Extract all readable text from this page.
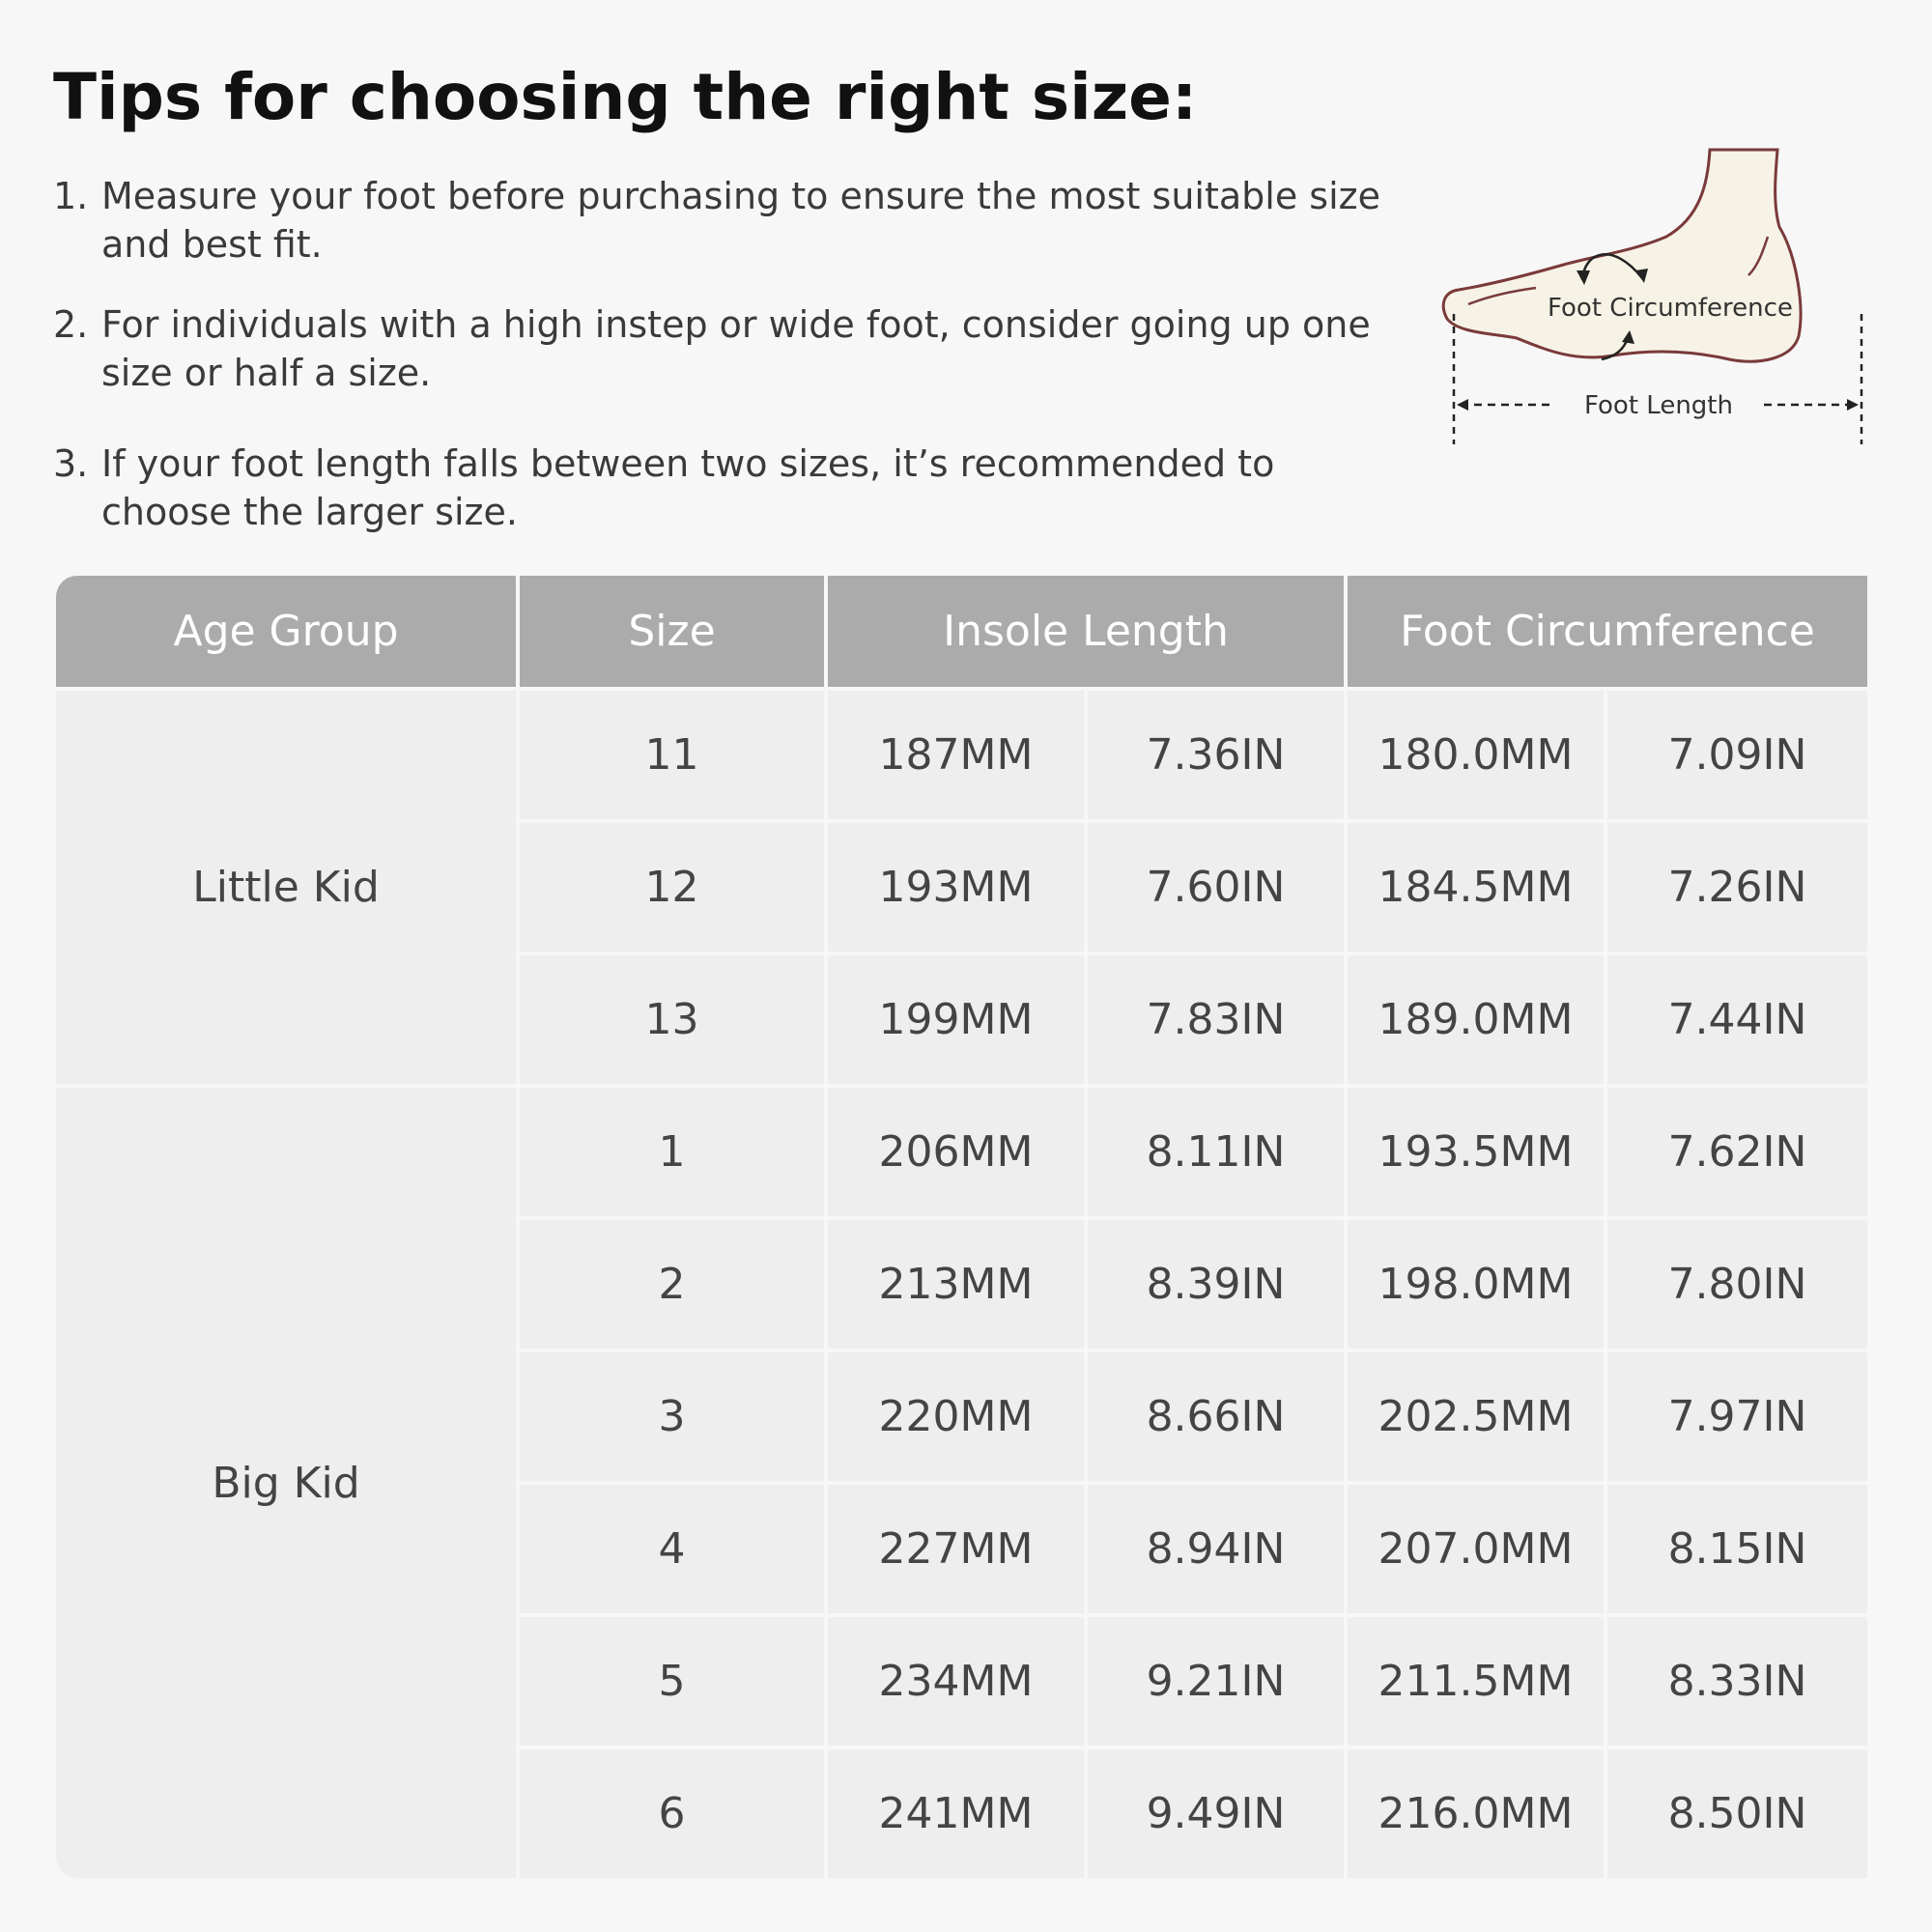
Tips for choosing the right size:
1. Measure your foot before purchasing to ensure the most suitable size and best fit.
2. For individuals with a high instep or wide foot, consider going up one size or half a size.
3. If your foot length falls between two sizes, it’s recommended to choose the larger size.
Foot Circumference
Foot Length
Age Group	Size	Insole Length	Foot Circumference
Little Kid
11	187MM	7.36IN	180.0MM	7.09IN
12	193MM	7.60IN	184.5MM	7.26IN
13	199MM	7.83IN	189.0MM	7.44IN
Big Kid
1	206MM	8.11IN	193.5MM	7.62IN
2	213MM	8.39IN	198.0MM	7.80IN
3	220MM	8.66IN	202.5MM	7.97IN
4	227MM	8.94IN	207.0MM	8.15IN
5	234MM	9.21IN	211.5MM	8.33IN
6	241MM	9.49IN	216.0MM	8.50IN
